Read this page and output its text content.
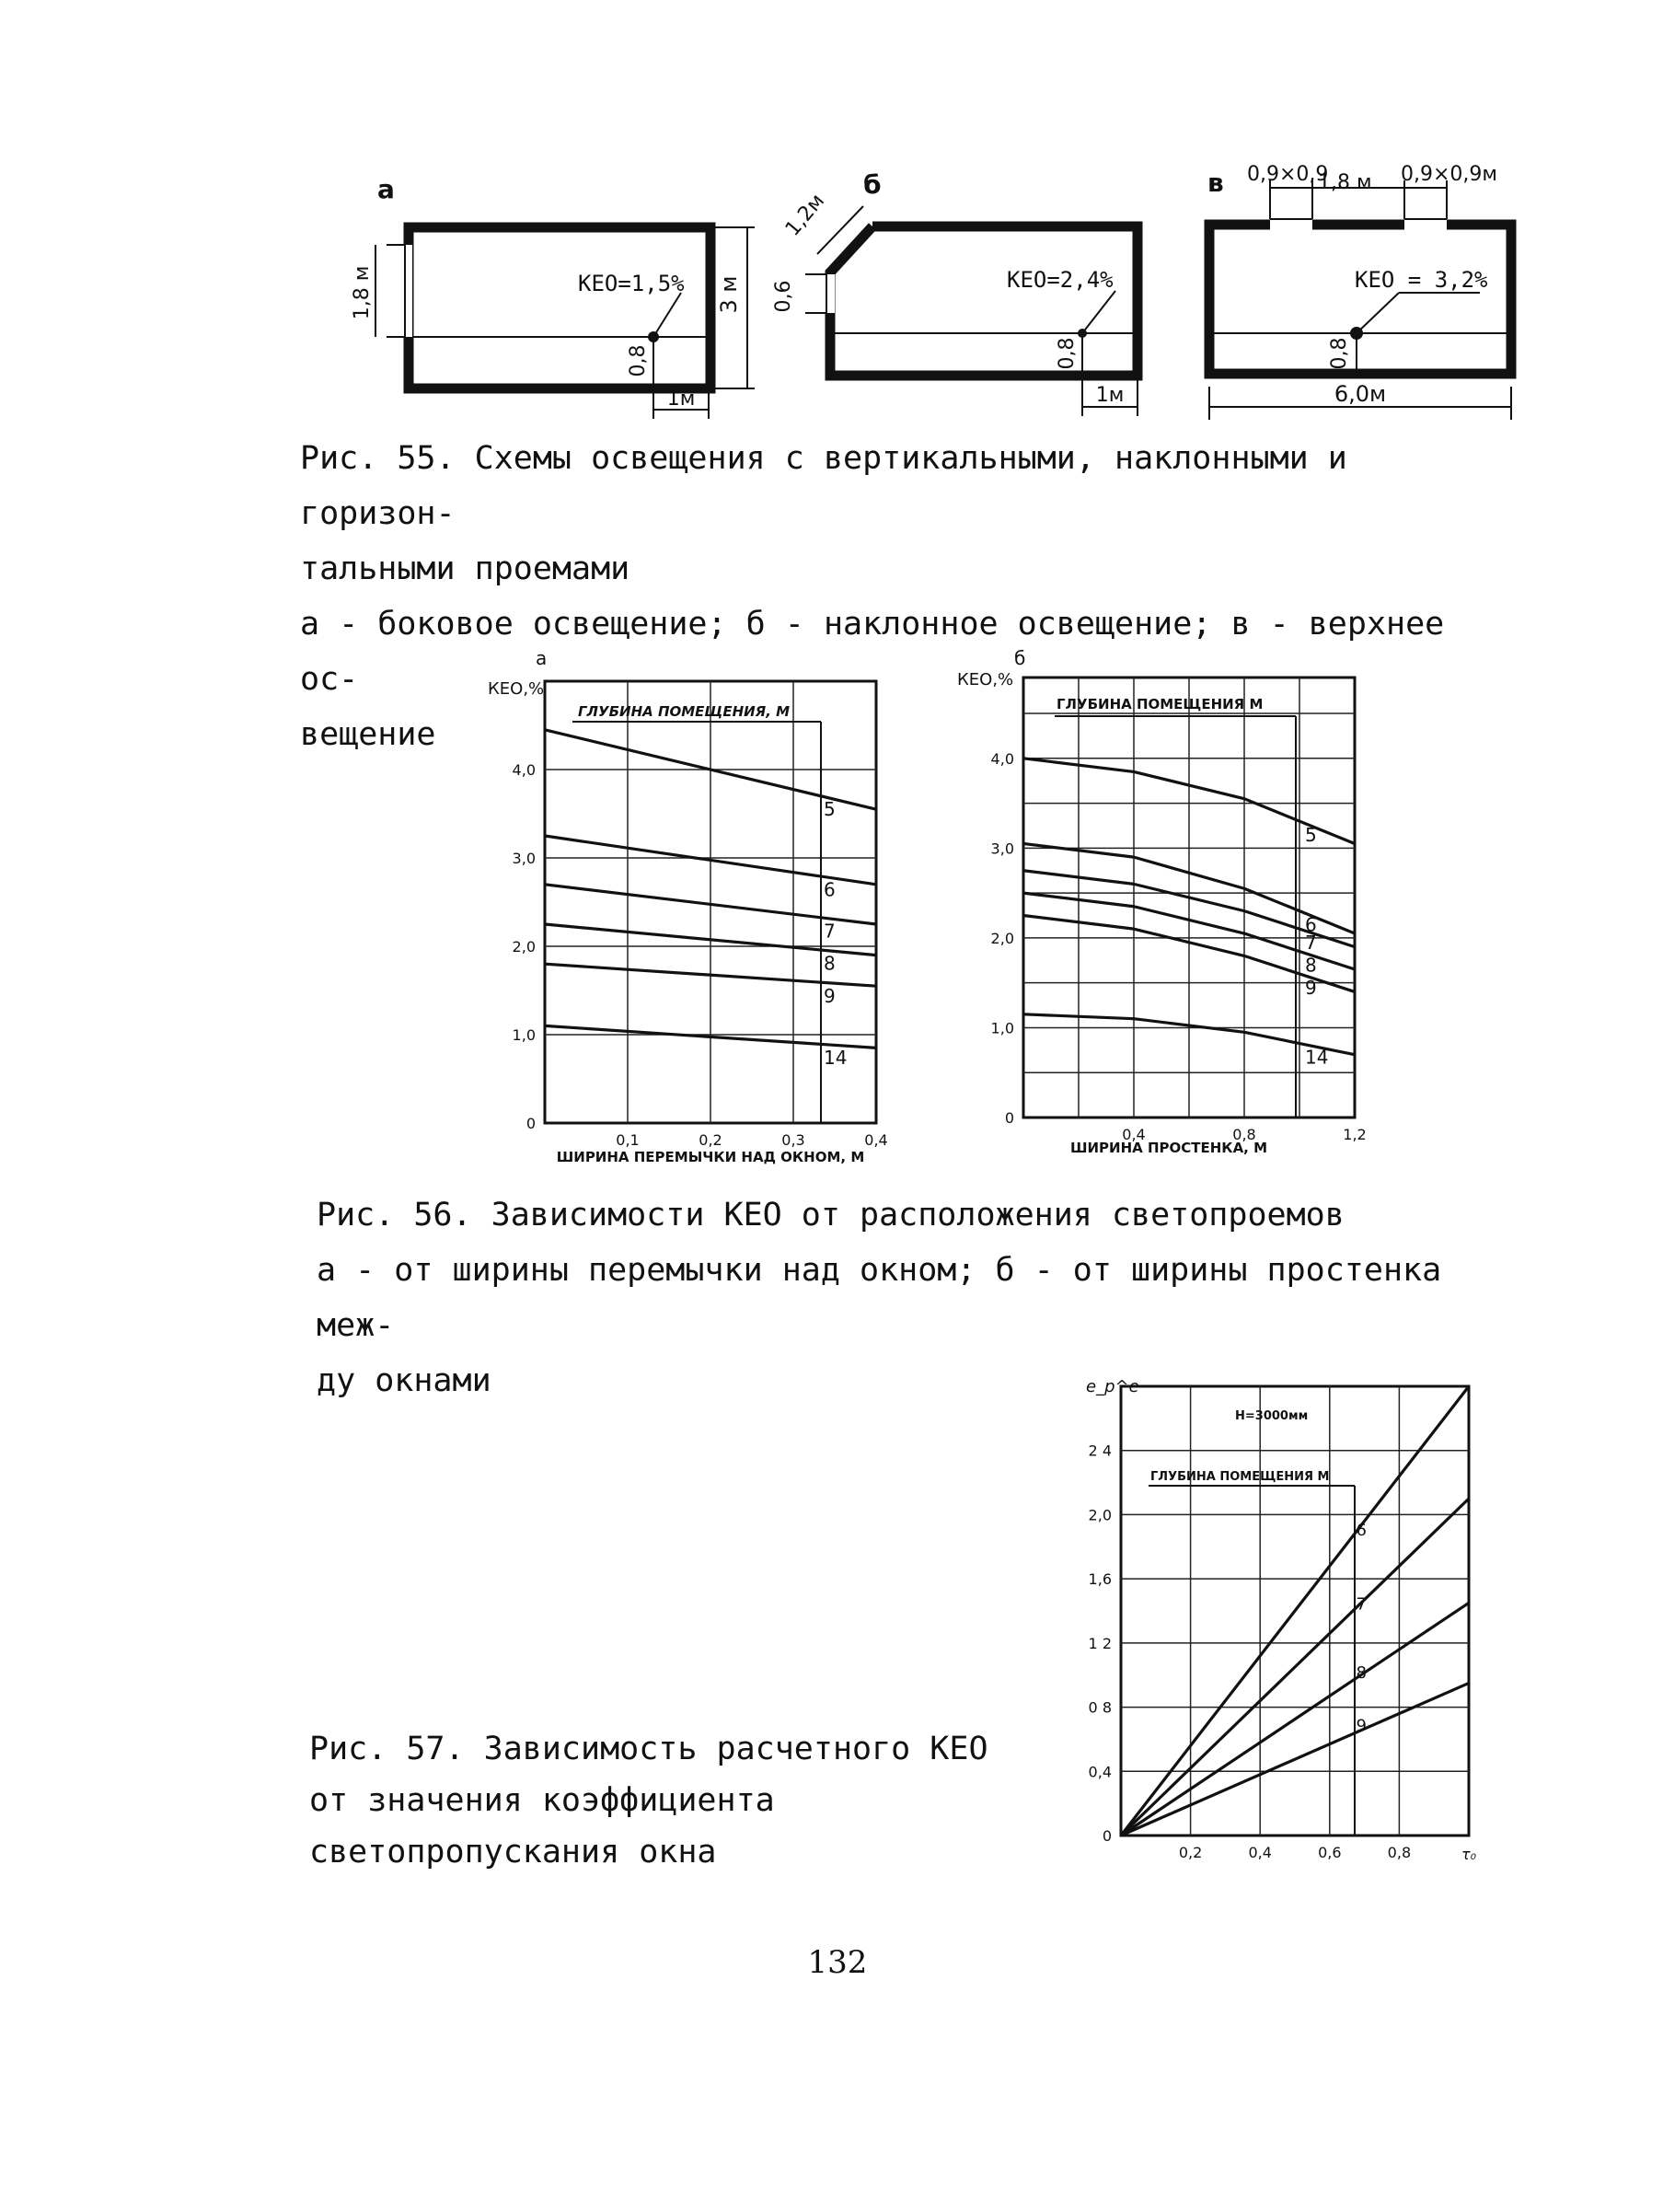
а
1,8 м	КЕО=1,5%
0,8
3 м
1м
б
1,2м
0,6
КЕО=2,4%
0,8
1м
в 0,9×0,9
1,8 м 0,9×0,9м
КЕО = 3,2%
0,8
6,0м
Рис. 55. Схемы освещения с вертикальными, наклонными и горизон-
тальными проемами
а - боковое освещение; б - наклонное освещение; в - верхнее ос-
вещение
а
КЕО,%
ГЛУБИНА ПОМЕЩЕНИЯ, М
5
6
7
8
9
14
0,1	0,2	0,3	0,4
0
1,0
2,0
3,0
4,0
ШИРИНА ПЕРЕМЫЧКИ НАД ОКНОМ, М
б
КЕО,%
ГЛУБИНА ПОМЕЩЕНИЯ М
5
6
7
8
9
14
0,4	0,8	1,2
0
1,0
2,0
3,0
4,0
ШИРИНА ПРОСТЕНКА, М
Рис. 56. Зависимости КЕО от расположения светопроемов
а - от ширины перемычки над окном; б - от ширины простенка меж-
ду окнами	e_p^e
H=3000мм
ГЛУБИНА ПОМЕЩЕНИЯ М
6
7
8
9
0,2	0,4	0,6	0,8
0
0,4
0 8
1 2
1,6
2,0
2 4
τ₀
Рис. 57. Зависимость расчетного КЕО
от значения коэффициента
светопропускания окна
132
